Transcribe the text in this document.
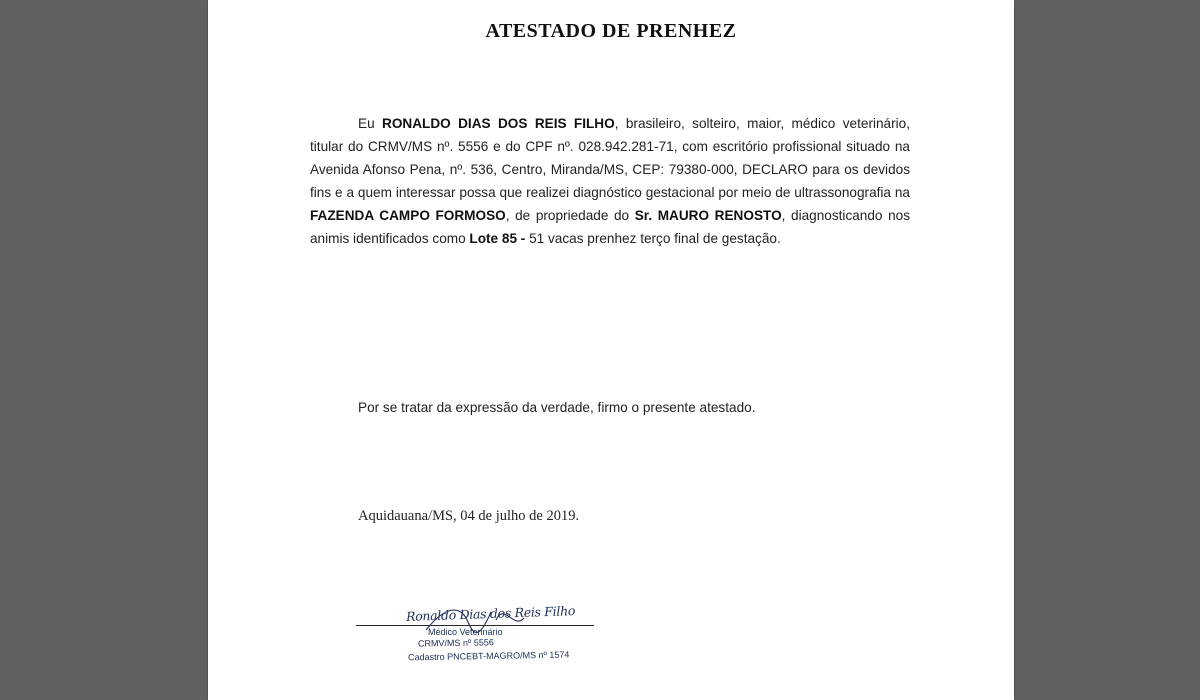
ATESTADO DE PRENHEZ
Eu RONALDO DIAS DOS REIS FILHO, brasileiro, solteiro, maior, médico veterinário, titular do CRMV/MS nº. 5556 e do CPF nº. 028.942.281-71, com escritório profissional situado na Avenida Afonso Pena, nº. 536, Centro, Miranda/MS, CEP: 79380-000, DECLARO para os devidos fins e a quem interessar possa que realizei diagnóstico gestacional por meio de ultrassonografia na FAZENDA CAMPO FORMOSO, de propriedade do Sr. MAURO RENOSTO, diagnosticando nos animis identificados como Lote 85 - 51 vacas prenhez terço final de gestação.
Por se tratar da expressão da verdade, firmo o presente atestado.
Aquidauana/MS, 04 de julho de 2019.
Ronaldo Dias dos Reis Filho
Médico Veterinário
CRMV/MS nº 5556
Cadastro PNCEBT-MAGRO/MS nº 1574
